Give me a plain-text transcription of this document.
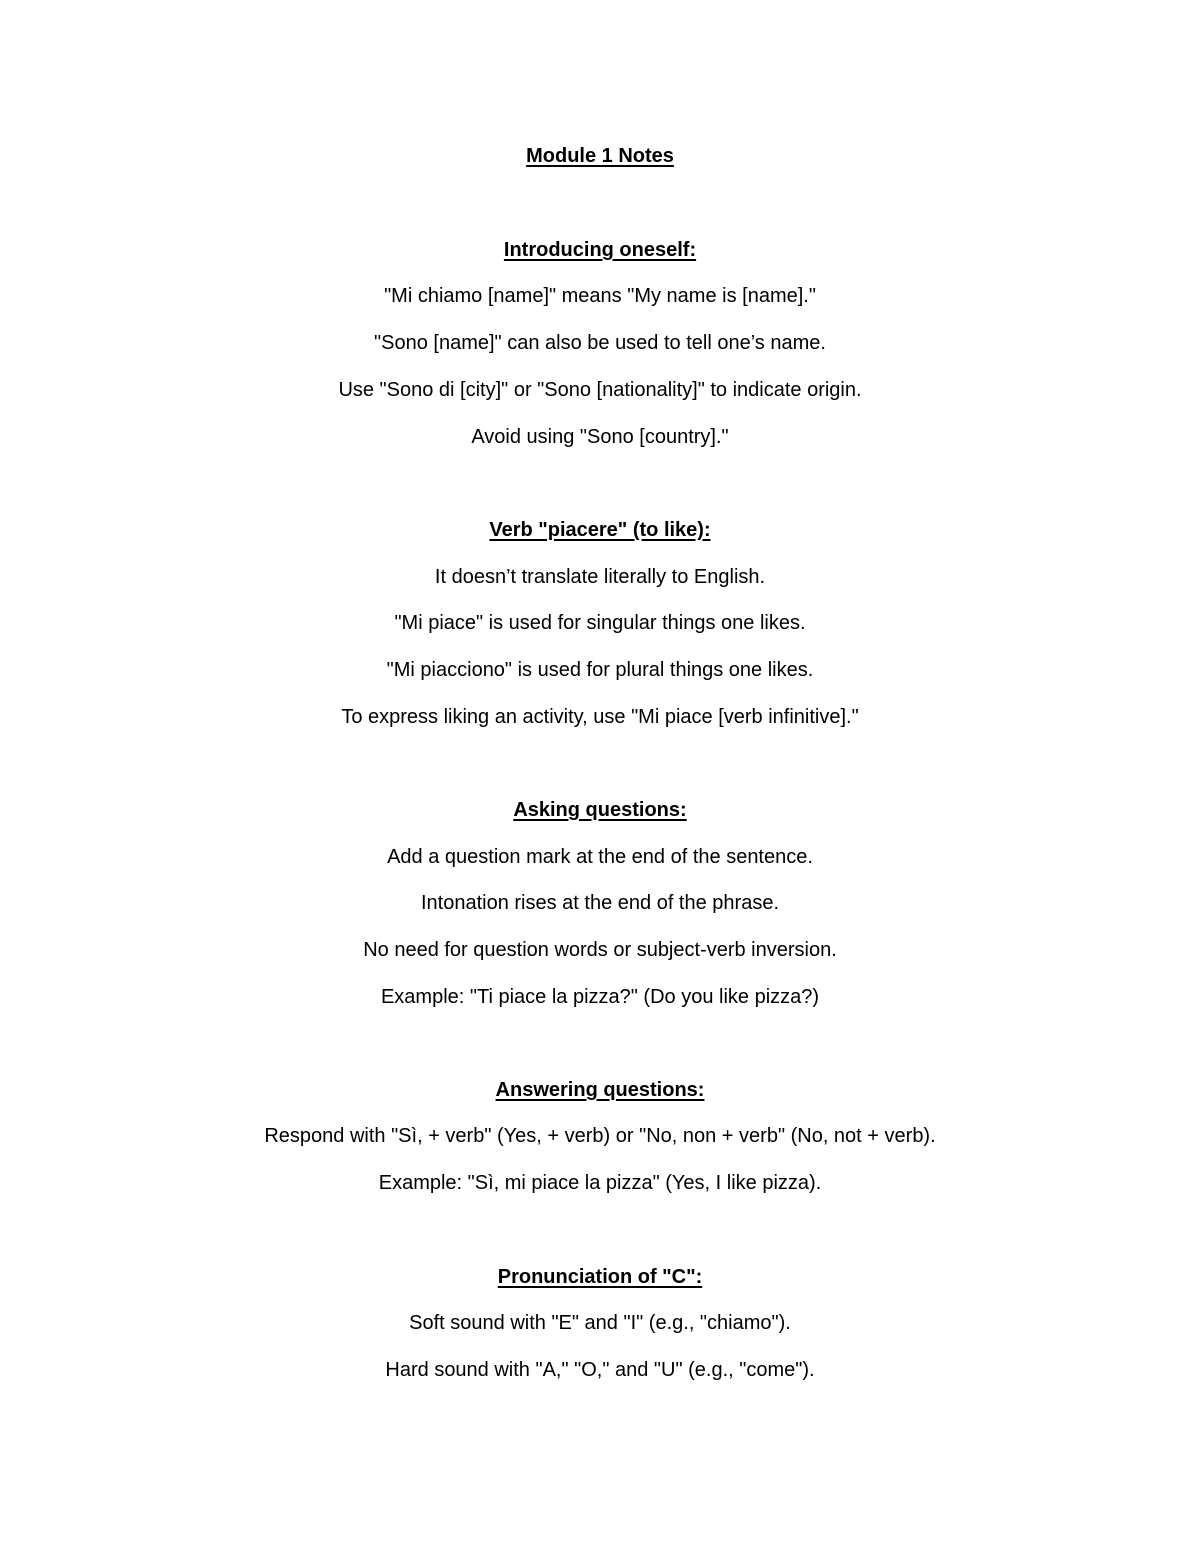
Module 1 Notes
Introducing oneself:
"Mi chiamo [name]" means "My name is [name]."
"Sono [name]" can also be used to tell one’s name.
Use "Sono di [city]" or "Sono [nationality]" to indicate origin.
Avoid using "Sono [country]."
Verb "piacere" (to like):
It doesn’t translate literally to English.
"Mi piace" is used for singular things one likes.
"Mi piacciono" is used for plural things one likes.
To express liking an activity, use "Mi piace [verb infinitive]."
Asking questions:
Add a question mark at the end of the sentence.
Intonation rises at the end of the phrase.
No need for question words or subject-verb inversion.
Example: "Ti piace la pizza?" (Do you like pizza?)
Answering questions:
Respond with "Sì, + verb" (Yes, + verb) or "No, non + verb" (No, not + verb).
Example: "Sì, mi piace la pizza" (Yes, I like pizza).
Pronunciation of "C":
Soft sound with "E" and "I" (e.g., "chiamo").
Hard sound with "A," "O," and "U" (e.g., "come").
